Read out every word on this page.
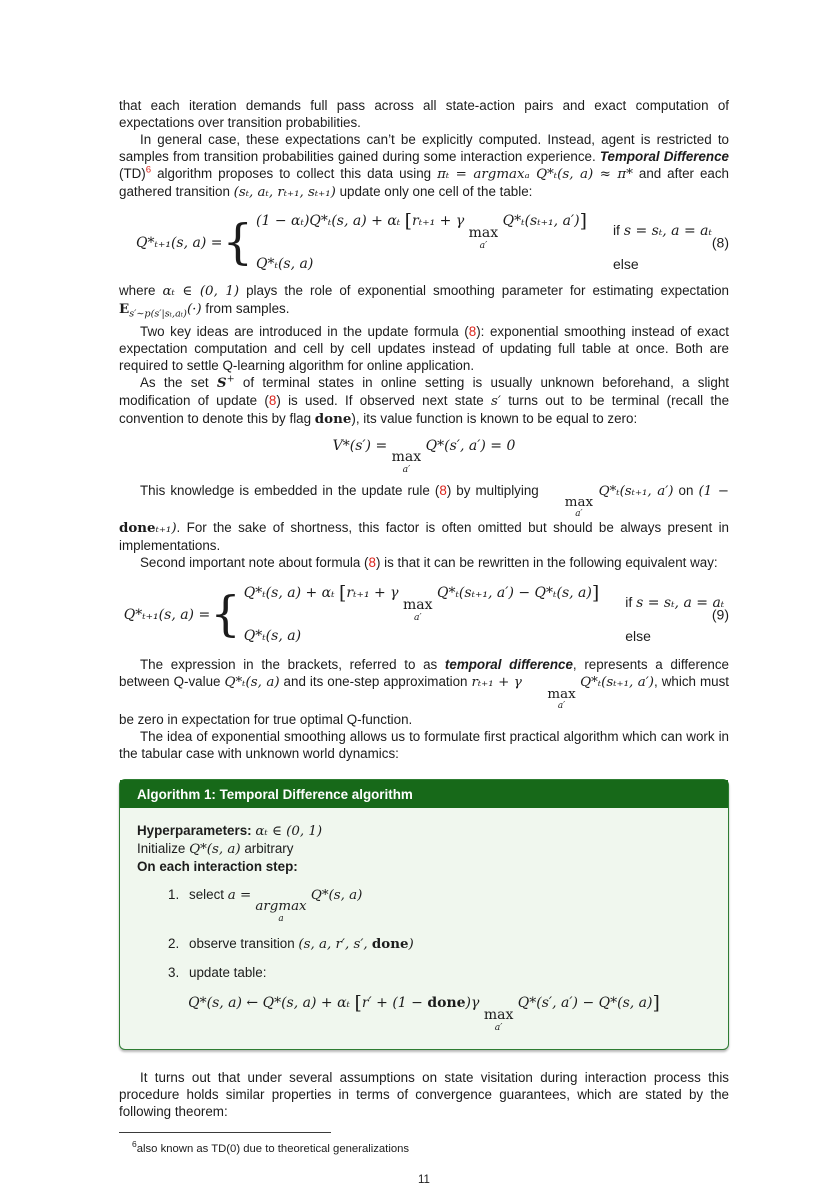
that each iteration demands full pass across all state-action pairs and exact computation of expectations over transition probabilities.

In general case, these expectations can’t be explicitly computed. Instead, agent is restricted to samples from transition probabilities gained during some interaction experience. Temporal Difference (TD)$^6$ algorithm proposes to collect this data using πₜ = argmaxₐ Q*ₜ(s, a) ≈ π* and after each gathered transition (sₜ, aₜ, rₜ₊₁, sₜ₊₁) update only one cell of the table:

Q*ₜ₊₁(s, a) = { (1 − αₜ)Q*ₜ(s, a) + αₜ [rₜ₊₁ + γ
max
a′
Q*ₜ(sₜ₊₁, a′)] if s = sₜ, a = aₜ
Q*ₜ(s, a)	else
(8)

where αₜ ∈ (0, 1) plays the role of exponential smoothing parameter for estimating expectation $E_{s'\sim p(s'|s_t,a_t)}(\cdot)$ from samples.

Two key ideas are introduced in the update formula (8): exponential smoothing instead of exact expectation computation and cell by cell updates instead of updating full table at once. Both are required to settle Q-learning algorithm for online application.

As the set S+ of terminal states in online setting is usually unknown beforehand, a slight modification of update (8) is used. If observed next state s′ turns out to be terminal (recall the convention to denote this by flag done), its value function is known to be equal to zero:

V*(s′) =
max
a′
Q*(s′, a′) = 0

This knowledge is embedded in the update rule (8) by multiplying
max
a′
Q*ₜ(sₜ₊₁, a′) on (1 − doneₜ₊₁). For the sake of shortness, this factor is often omitted but should be always present in implementations.

Second important note about formula (8) is that it can be rewritten in the following equivalent way:

Q*ₜ₊₁(s, a) = { Q*ₜ(s, a) + αₜ [rₜ₊₁ + γ
max
a′
Q*ₜ(sₜ₊₁, a′) − Q*ₜ(s, a)] if s = sₜ, a = aₜ
Q*ₜ(s, a)	else
(9)

The expression in the brackets, referred to as temporal difference, represents a difference between Q-value Q*ₜ(s, a) and its one-step approximation rₜ₊₁ + γ
max
a′
Q*ₜ(sₜ₊₁, a′), which must be zero in expectation for true optimal Q-function.

The idea of exponential smoothing allows us to formulate first practical algorithm which can work in the tabular case with unknown world dynamics:

Algorithm 1: Temporal Difference algorithm

Hyperparameters: αₜ ∈ (0, 1)

Initialize Q*(s, a) arbitrary

On each interaction step:

1. select a =
argmax
a
Q*(s, a)
2. observe transition (s, a, r′, s′, done)
3. update table:
Q*(s, a) ← Q*(s, a) + αₜ [r′ + (1 − done)γ
max
a′
Q*(s′, a′) − Q*(s, a)]

It turns out that under several assumptions on state visitation during interaction process this procedure holds similar properties in terms of convergence guarantees, which are stated by the following theorem:

$^6$also known as TD(0) due to theoretical generalizations

11
